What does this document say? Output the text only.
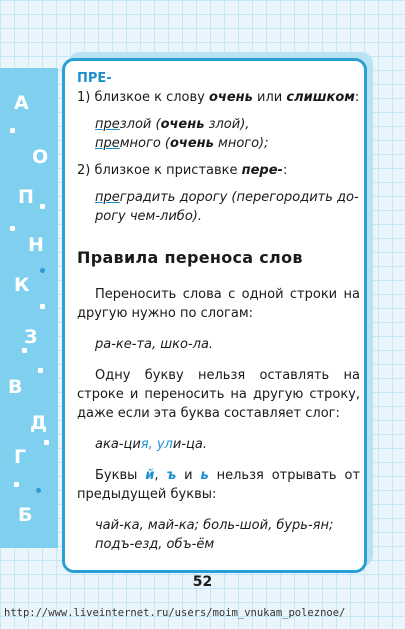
А
О
П
Н
К
З
В
Д
Г
Б

ПРЕ-

1) близкое к слову очень или слишком:

презлой (очень злой),

премного (очень много);

2) близкое к приставке пере-:

преградить дорогу (перегородить до-

рогу чем-либо).

Правила переноса слов

Переносить слова с одной строки на другую нужно по слогам:

ра-ке-та, шко-ла.

Одну букву нельзя оставлять на строке и переносить на другую строку, даже если эта буква составляет слог:

ака-ция, ули-ца.

Буквы й, ъ и ь нельзя отрывать от предыдущей буквы:

чай-ка, май-ка; боль-шой, бурь-ян;

подъ-езд, объ-ём

52
http://www.liveinternet.ru/users/moim_vnukam_poleznoe/
